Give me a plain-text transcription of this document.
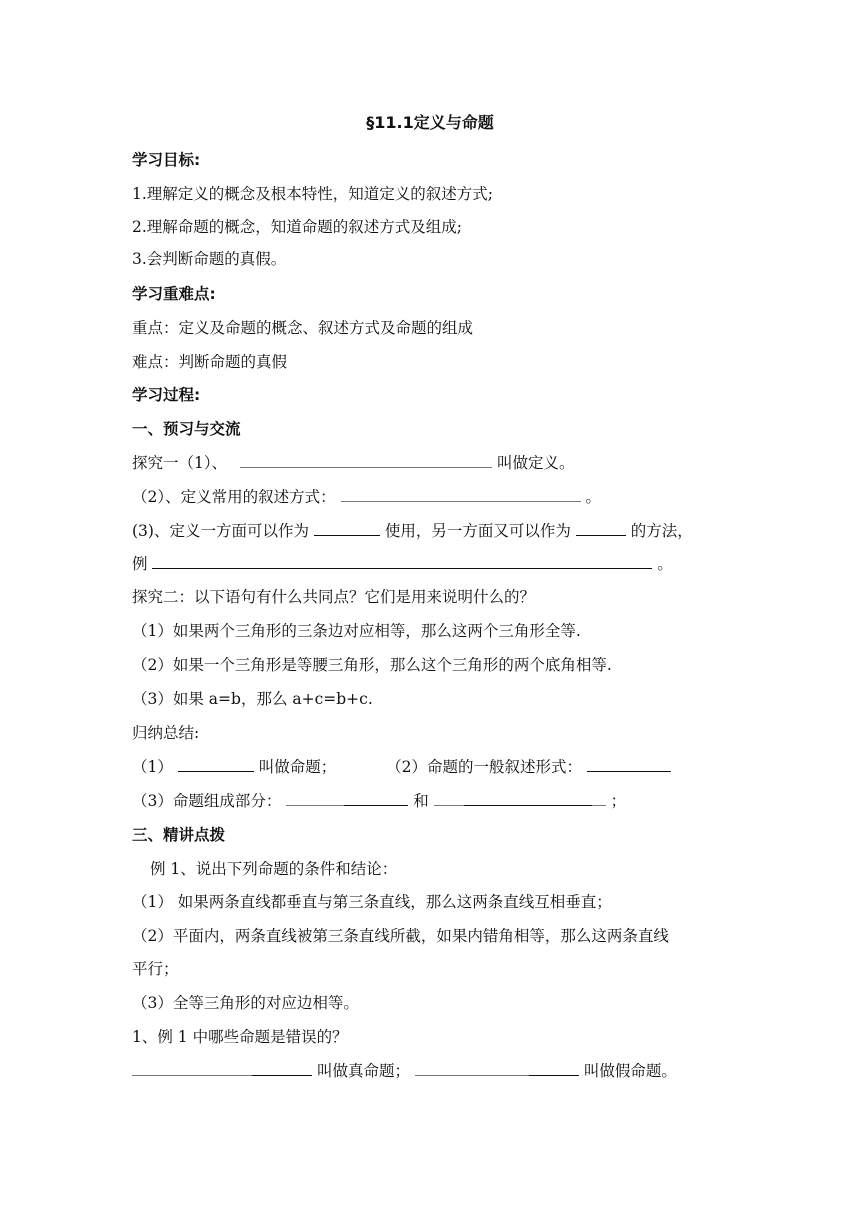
§11.1定义与命题
学习目标:
1.理解定义的概念及根本特性，知道定义的叙述方式;
2.理解命题的概念，知道命题的叙述方式及组成;
3.会判断命题的真假。
学习重难点:
重点：定义及命题的概念、叙述方式及命题的组成
难点：判断命题的真假
学习过程:
一、预习与交流
探究一（1）、	叫做定义。
（2）、定义常用的叙述方式：	。
(3)、定义一方面可以作为	使用，另一方面又可以作为	的方法，
例	。
探究二：以下语句有什么共同点？它们是用来说明什么的？
（1）如果两个三角形的三条边对应相等，那么这两个三角形全等.
（2）如果一个三角形是等腰三角形，那么这个三角形的两个底角相等.
（3）如果 a=b，那么 a+c=b+c.
归纳总结:
（1）	叫做命题；	（2）命题的一般叙述形式：
（3）命题组成部分：	和	；
三、精讲点拨
例 1、说出下列命题的条件和结论：
（1） 如果两条直线都垂直与第三条直线，那么这两条直线互相垂直；
（2）平面内，两条直线被第三条直线所截，如果内错角相等，那么这两条直线
平行；
（3）全等三角形的对应边相等。
1、例 1 中哪些命题是错误的？
叫做真命题；	叫做假命题。
